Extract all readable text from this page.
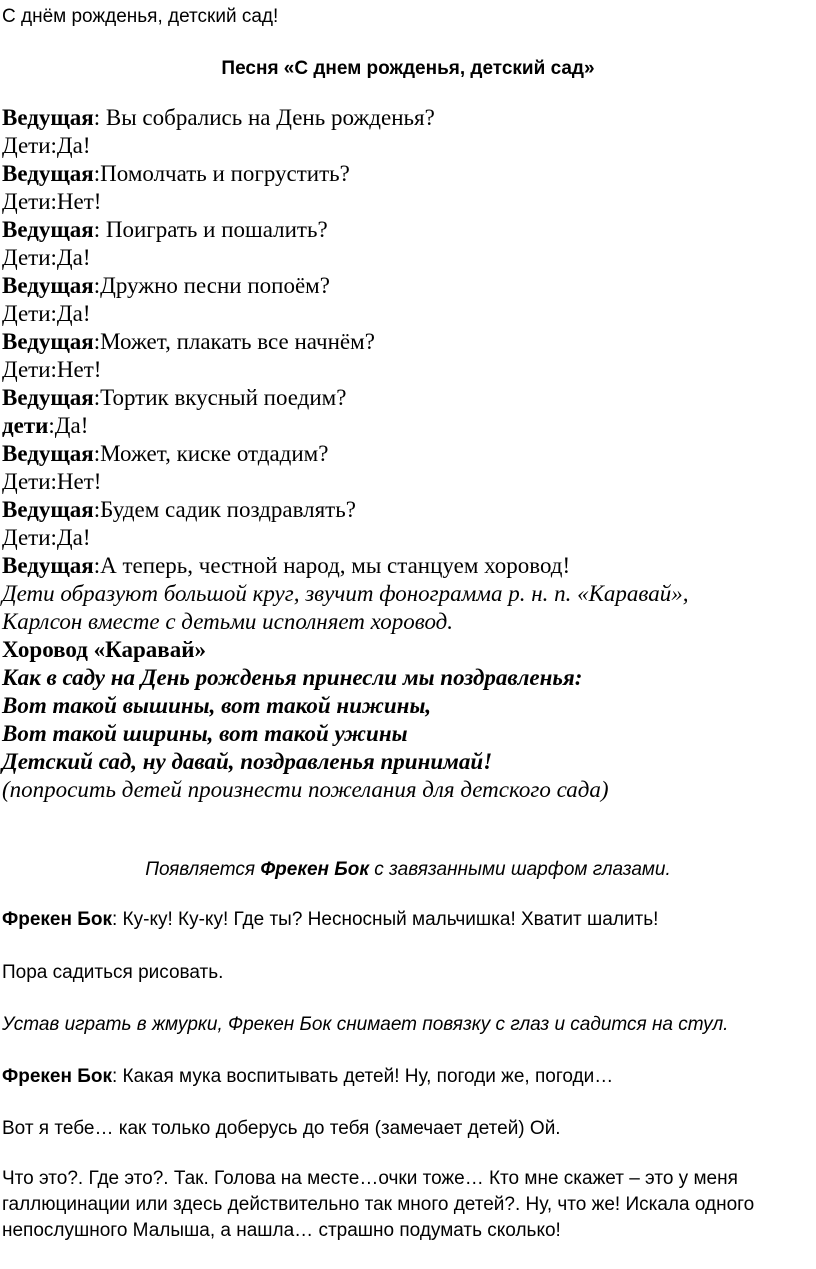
С днём рожденья, детский сад!
Песня «С днем рожденья, детский сад»
Ведущая: Вы собрались на День рожденья?
Дети:Да!
Ведущая:Помолчать и погрустить?
Дети:Нет!
Ведущая: Поиграть и пошалить?
Дети:Да!
Ведущая:Дружно песни попоём?
Дети:Да!
Ведущая:Может, плакать все начнём?
Дети:Нет!
Ведущая:Тортик вкусный поедим?
дети:Да!
Ведущая:Может, киске отдадим?
Дети:Нет!
Ведущая:Будем садик поздравлять?
Дети:Да!
Ведущая:А теперь, честной народ, мы станцуем хоровод!
Дети образуют большой круг, звучит фонограмма р. н. п. «Каравай»,
Карлсон вместе с детьми исполняет хоровод.
Хоровод «Каравай»
Как в саду на День рожденья принесли мы поздравленья:
Вот такой вышины, вот такой нижины,
Вот такой ширины, вот такой ужины
Детский сад, ну давай, поздравленья принимай!
(попросить детей произнести пожелания для детского сада)
Появляется Фрекен Бок с завязанными шарфом глазами.
Фрекен Бок: Ку-ку! Ку-ку! Где ты? Несносный мальчишка! Хватит шалить!
Пора садиться рисовать.
Устав играть в жмурки, Фрекен Бок снимает повязку с глаз и садится на стул.
Фрекен Бок: Какая мука воспитывать детей! Ну, погоди же, погоди…
Вот я тебе… как только доберусь до тебя (замечает детей) Ой.
Что это?. Где это?. Так. Голова на месте…очки тоже… Кто мне скажет – это у меня галлюцинации или здесь действительно так много детей?. Ну, что же! Искала одного непослушного Малыша, а нашла… страшно подумать сколько!
